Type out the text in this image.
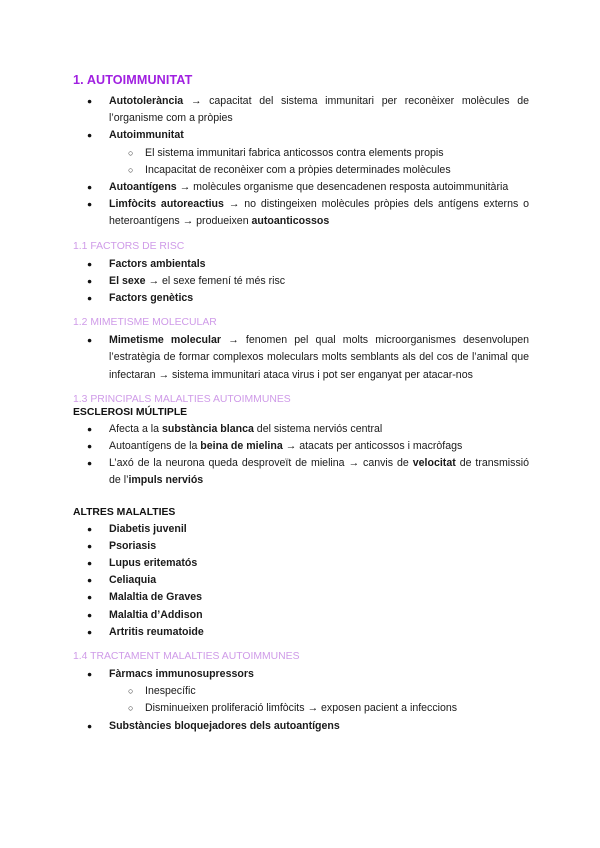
1. AUTOIMMUNITAT
● Autotolerància → capacitat del sistema immunitari per reconèixer molècules de l’organisme com a pròpies
● Autoimmunitat
○ El sistema immunitari fabrica anticossos contra elements propis
○ Incapacitat de reconèixer com a pròpies determinades molècules
● Autoantígens → molècules organisme que desencadenen resposta autoimmunitària
● Limfòcits autoreactius → no distingeixen molècules pròpies dels antígens externs o heteroantígens → produeixen autoanticossos
1.1 FACTORS DE RISC
● Factors ambientals
● El sexe → el sexe femení té més risc
● Factors genètics
1.2 MIMETISME MOLECULAR
● Mimetisme molecular → fenomen pel qual molts microorganismes desenvolupen l’estratègia de formar complexos moleculars molts semblants als del cos de l’animal que infectaran → sistema immunitari ataca virus i pot ser enganyat per atacar-nos
1.3 PRINCIPALS MALALTIES AUTOIMMUNES
ESCLEROSI MÚLTIPLE
● Afecta a la substància blanca del sistema nerviós central
● Autoantígens de la beina de mielina → atacats per anticossos i macròfags
● L’axó de la neurona queda desproveït de mielina → canvis de velocitat de transmissió de l’impuls nerviós
ALTRES MALALTIES
● Diabetis juvenil
● Psoriasis
● Lupus eritematós
● Celiaquia
● Malaltia de Graves
● Malaltia d’Addison
● Artritis reumatoide
1.4 TRACTAMENT MALALTIES AUTOIMMUNES
● Fàrmacs immunosupressors
○ Inespecífic
○ Disminueixen proliferació limfòcits → exposen pacient a infeccions
● Substàncies bloquejadores dels autoantígens
